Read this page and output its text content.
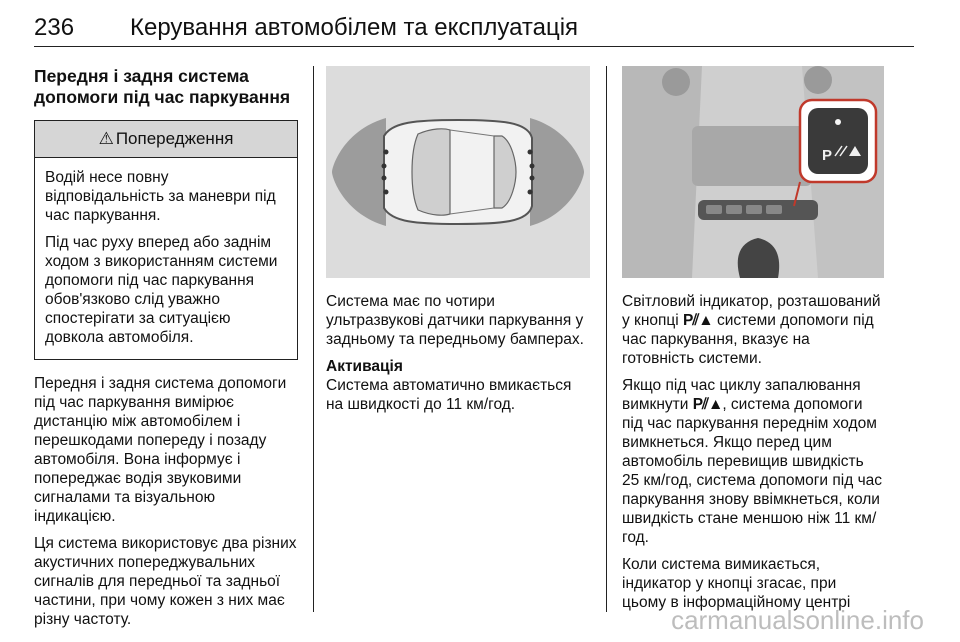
236 Керування автомобілем та експлуатація
Передня і задня система допомоги під час паркування
⚠ Попередження

Водій несе повну відповідальність за маневри під час паркування.

Під час руху вперед або заднім ходом з використанням системи допомоги під час паркування обов'язково слід уважно спостерігати за ситуацією довкола автомобіля.

Передня і задня система допомоги під час паркування вимірює дистанцію між автомобілем і перешкодами попереду і позаду автомобіля. Вона інформує і попереджає водія звуковими сигналами та візуальною індикацією.

Ця система використовує два різних акустичних попереджувальних сигналів для передньої та задньої частини, при чому кожен з них має різну частоту.

Система має по чотири ультразвукові датчики паркування у задньому та передньому бамперах.

Активація

Система автоматично вмикається на швидкості до 11 км/год.

P

Світловий індикатор, розташований у кнопці P⫽▲ системи допомоги під час паркування, вказує на готовність системи.

Якщо під час циклу запалювання вимкнути P⫽▲, система допомоги під час паркування переднім ходом вимкнеться. Якщо перед цим автомобіль перевищив швидкість 25 км/год, система допомоги під час паркування знову ввімкнеться, коли швидкість стане меншою ніж 11 км/год.

Коли система вимикається, індикатор у кнопці згасає, при цьому в інформаційному центрі

carmanualsonline.info
